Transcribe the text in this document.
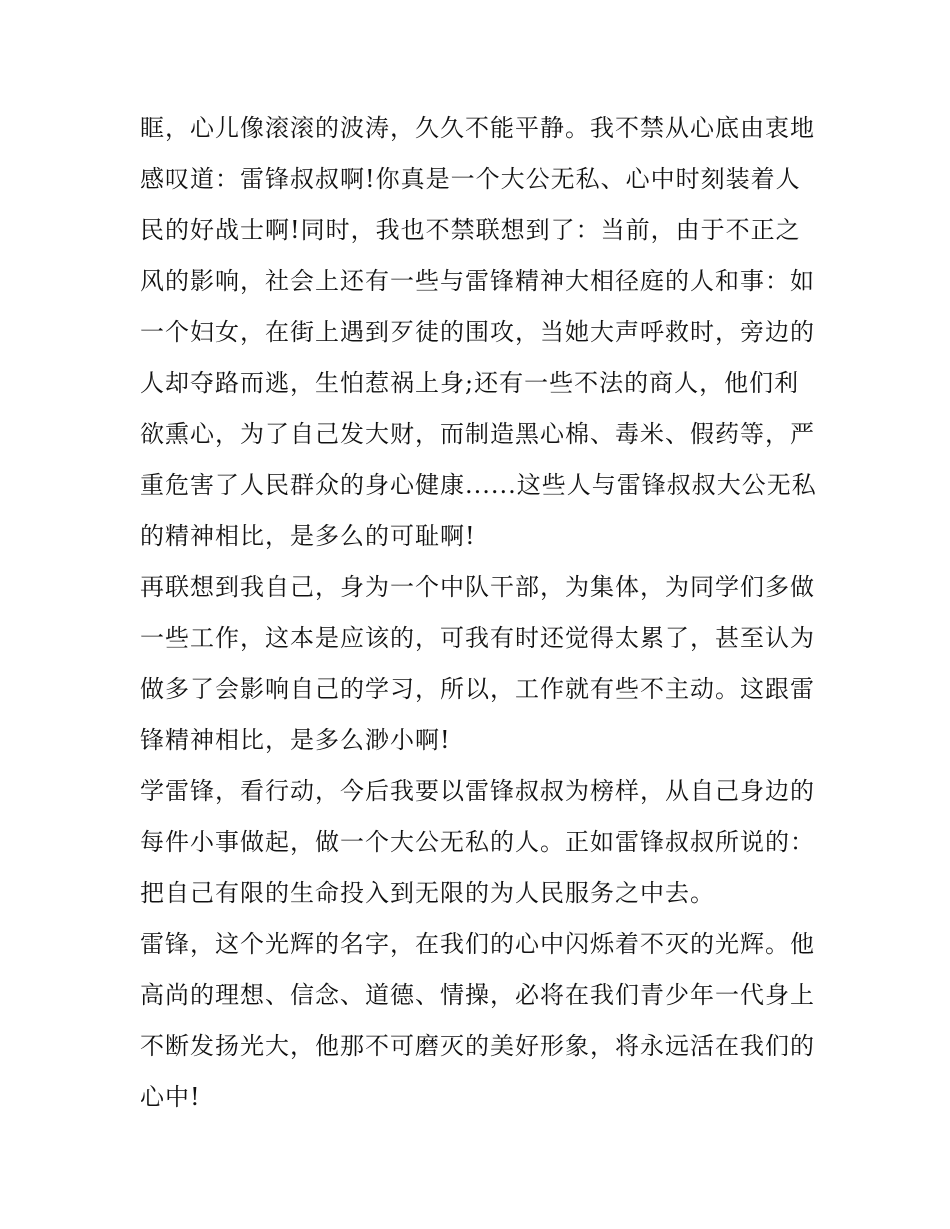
眶，心儿像滚滚的波涛，久久不能平静。我不禁从心底由衷地
感叹道：雷锋叔叔啊!你真是一个大公无私、心中时刻装着人
民的好战士啊!同时，我也不禁联想到了：当前，由于不正之
风的影响，社会上还有一些与雷锋精神大相径庭的人和事：如
一个妇女，在街上遇到歹徒的围攻，当她大声呼救时，旁边的
人却夺路而逃，生怕惹祸上身;还有一些不法的商人，他们利
欲熏心，为了自己发大财，而制造黑心棉、毒米、假药等，严
重危害了人民群众的身心健康......这些人与雷锋叔叔大公无私
的精神相比，是多么的可耻啊!
再联想到我自己，身为一个中队干部，为集体，为同学们多做
一些工作，这本是应该的，可我有时还觉得太累了，甚至认为
做多了会影响自己的学习，所以，工作就有些不主动。这跟雷
锋精神相比，是多么渺小啊!
学雷锋，看行动，今后我要以雷锋叔叔为榜样，从自己身边的
每件小事做起，做一个大公无私的人。正如雷锋叔叔所说的：
把自己有限的生命投入到无限的为人民服务之中去。
雷锋，这个光辉的名字，在我们的心中闪烁着不灭的光辉。他
高尚的理想、信念、道德、情操，必将在我们青少年一代身上
不断发扬光大，他那不可磨灭的美好形象，将永远活在我们的
心中!
